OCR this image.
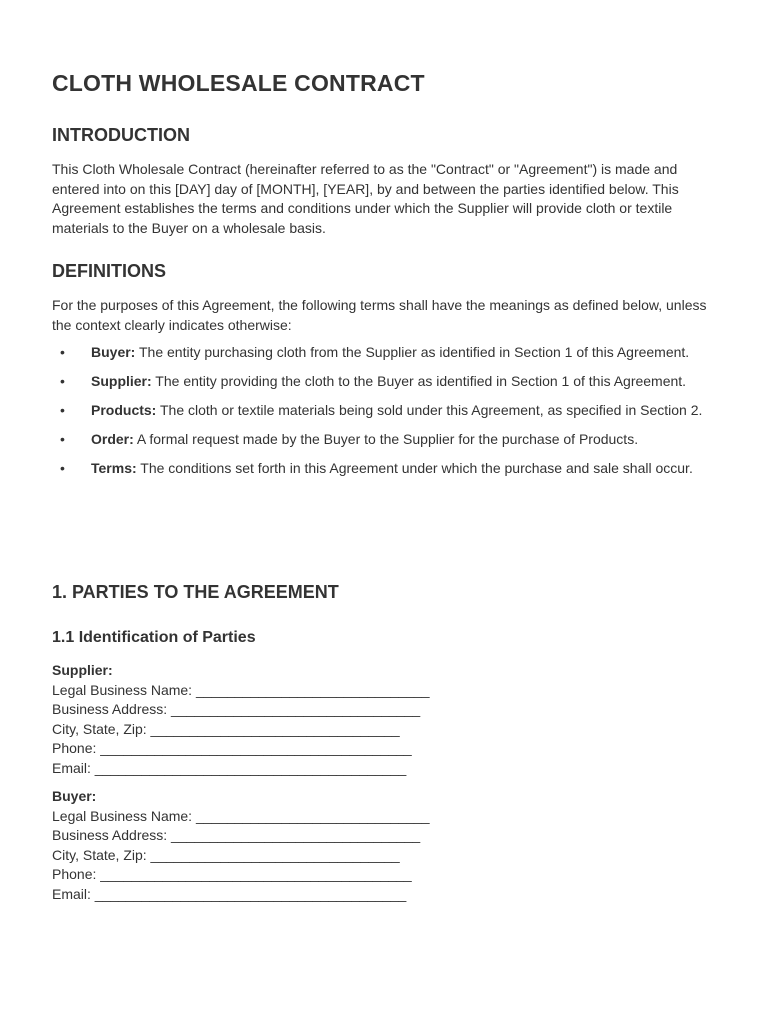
CLOTH WHOLESALE CONTRACT
INTRODUCTION

This Cloth Wholesale Contract (hereinafter referred to as the "Contract" or "Agreement") is made and entered into on this [DAY] day of [MONTH], [YEAR], by and between the parties identified below. This Agreement establishes the terms and conditions under which the Supplier will provide cloth or textile materials to the Buyer on a wholesale basis.

DEFINITIONS

For the purposes of this Agreement, the following terms shall have the meanings as defined below, unless the context clearly indicates otherwise:

• Buyer: The entity purchasing cloth from the Supplier as identified in Section 1 of this Agreement.
• Supplier: The entity providing the cloth to the Buyer as identified in Section 1 of this Agreement.
• Products: The cloth or textile materials being sold under this Agreement, as specified in Section 2.
• Order: A formal request made by the Buyer to the Supplier for the purchase of Products.
• Terms: The conditions set forth in this Agreement under which the purchase and sale shall occur.
1. PARTIES TO THE AGREEMENT
1.1 Identification of Parties
Supplier:
Legal Business Name: ______________________________
Business Address: ________________________________
City, State, Zip: ________________________________
Phone: ________________________________________
Email: ________________________________________
Buyer:
Legal Business Name: ______________________________
Business Address: ________________________________
City, State, Zip: ________________________________
Phone: ________________________________________
Email: ________________________________________
